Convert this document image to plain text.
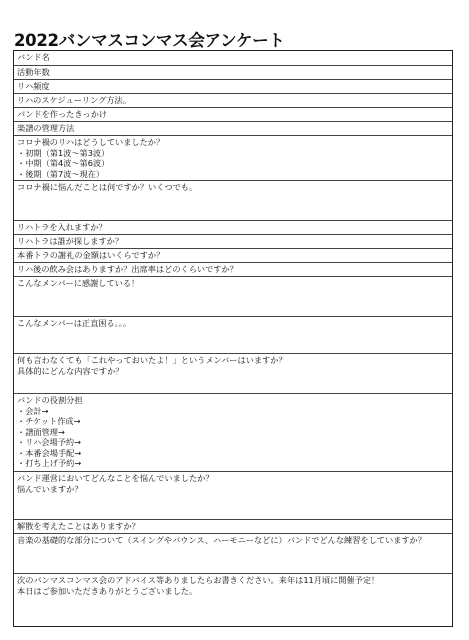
2022バンマスコンマス会アンケート
バンド名
活動年数
リハ頻度
リハのスケジューリング方法。
バンドを作ったきっかけ
楽譜の管理方法
コロナ禍のリハはどうしていましたか？
・初期（第1波〜第3波）
・中期（第4波〜第6波）
・後期（第7波〜現在）
コロナ禍に悩んだことは何ですか？いくつでも。
リハトラを入れますか？
リハトラは誰が探しますか？
本番トラの謝礼の金額はいくらですか？
リハ後の飲み会はありますか？出席率はどのくらいですか？
こんなメンバーに感謝している！
こんなメンバーは正直困る。。。
何も言わなくても「これやっておいたよ！」というメンバーはいますか？
具体的にどんな内容ですか？
バンドの役割分担
・会計→
・チケット作成→
・譜面管理→
・リハ会場予約→
・本番会場手配→
・打ち上げ予約→
バンド運営においてどんなことを悩んでいましたか？
悩んでいますか？
解散を考えたことはありますか？
音楽の基礎的な部分について（スイングやバウンス、ハーモニーなどに）バンドでどんな練習をしていますか？
次のバンマスコンマス会のアドバイス等ありましたらお書きください。来年は11月頃に開催予定！
本日はご参加いただきありがとうございました。
